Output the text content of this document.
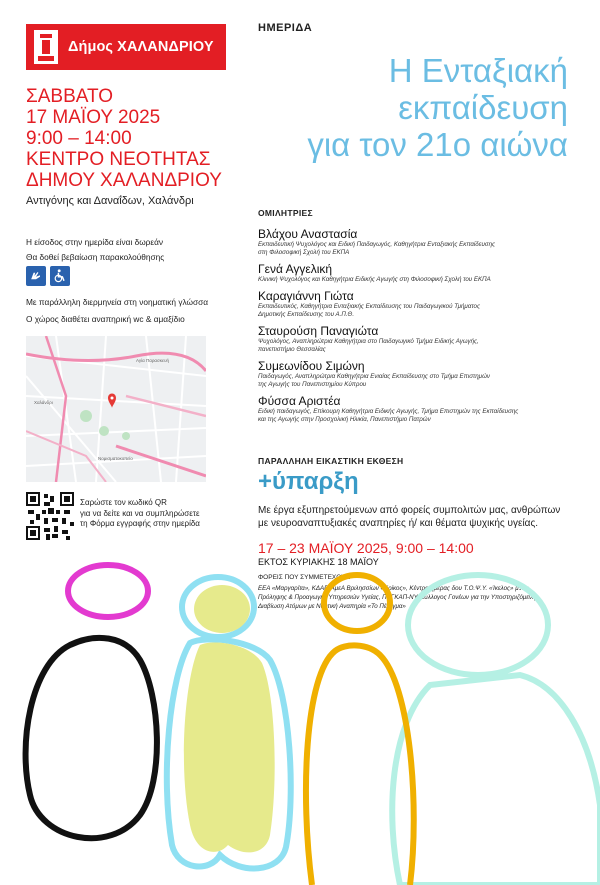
Δήμος ΧΑΛΑΝΔΡΙΟΥ
ΣΑΒΒΑΤΟ
17 ΜΑΪΟΥ 2025
9:00 – 14:00
ΚΕΝΤΡΟ ΝΕΟΤΗΤΑΣ
ΔΗΜΟΥ ΧΑΛΑΝΔΡΙΟΥ
Αντιγόνης και Δαναΐδων, Χαλάνδρι
Η είσοδος στην ημερίδα είναι δωρεάν
Θα δοθεί βεβαίωση παρακολούθησης
Με παράλληλη διερμηνεία στη νοηματική γλώσσα
Ο χώρος διαθέτει αναπηρική wc & αμαξίδιο
Αγία Παρασκευή
Χαλάνδρι
Νομισματοκοπείο
Σαρώστε τον κωδικό QR
για να δείτε και να συμπληρώσετε
τη Φόρμα εγγραφής στην ημερίδα
ΗΜΕΡΙΔΑ
Η Ενταξιακή
εκπαίδευση
για τον 21ο αιώνα
ΟΜΙΛΗΤΡΙΕΣ
Βλάχου Αναστασία
Εκπαιδευτική Ψυχολόγος και Ειδική Παιδαγωγός, Καθηγήτρια Ενταξιακής Εκπαίδευσης
στη Φιλοσοφική Σχολή του ΕΚΠΑ
Γενά Αγγελική
Κλινική Ψυχολόγος και Καθηγήτρια Ειδικής Αγωγής στη Φιλοσοφική Σχολή του ΕΚΠΑ
Καραγιάννη Γιώτα
Εκπαιδευτικός, Καθηγήτρια Ενταξιακής Εκπαίδευσης του Παιδαγωγικού Τμήματος
Δημοτικής Εκπαίδευσης του Α.Π.Θ.
Σταυρούση Παναγιώτα
Ψυχολόγος, Αναπληρώτρια Καθηγήτρια στο Παιδαγωγικό Τμήμα Ειδικής Αγωγής,
πανεπιστήμιο Θεσσαλίας
Συμεωνίδου Σιμώνη
Παιδαγωγός, Αναπληρώτρια Καθηγήτρια Ενιαίας Εκπαίδευσης στο Τμήμα Επιστημών
της Αγωγής του Πανεπιστημίου Κύπρου
Φύσσα Αριστέα
Ειδική παιδαγωγός, Επίκουρη Καθηγήτρια Ειδικής Αγωγής, Τμήμα Επιστημών της Εκπαίδευσης
και της Αγωγής στην Προσχολική Ηλικία, Πανεπιστήμιο Πατρών
ΠΑΡΑΛΛΗΛΗ ΕΙΚΑΣΤΙΚΗ ΕΚΘΕΣΗ
+ύπαρξη
Με έργα εξυπηρετούμενων από φορείς συμπολιτών μας, ανθρώπων
με νευροαναπτυξιακές αναπηρίες ή/ και θέματα ψυχικής υγείας.
17 – 23 ΜΑΪΟΥ 2025, 9:00 – 14:00
ΕΚΤΟΣ ΚΥΡΙΑΚΗΣ 18 ΜΑΪΟΥ
ΦΟΡΕΙΣ ΠΟΥ ΣΥΜΜΕΤΕΧΟΥΝ
ΕΕΑ «Μαργαρίτα», ΚΔΑΠ-ΑμεΑ Βριλησσίων «Κρίκος», Κέντρο ημέρας δου Τ.Ο.Ψ.Υ. «Ίκελος» μ.κ.χ.
Πρόληψης & Προαγωγής Υπηρεσιών Υγείας, ΠΕΓΚΑΠ-ΝΥ, Σύλλογος Γονέων για την Υποστηριζόμενη
Διαβίωση Ατόμων με Νοητική Αναπηρία «Το Πέταγμα»
